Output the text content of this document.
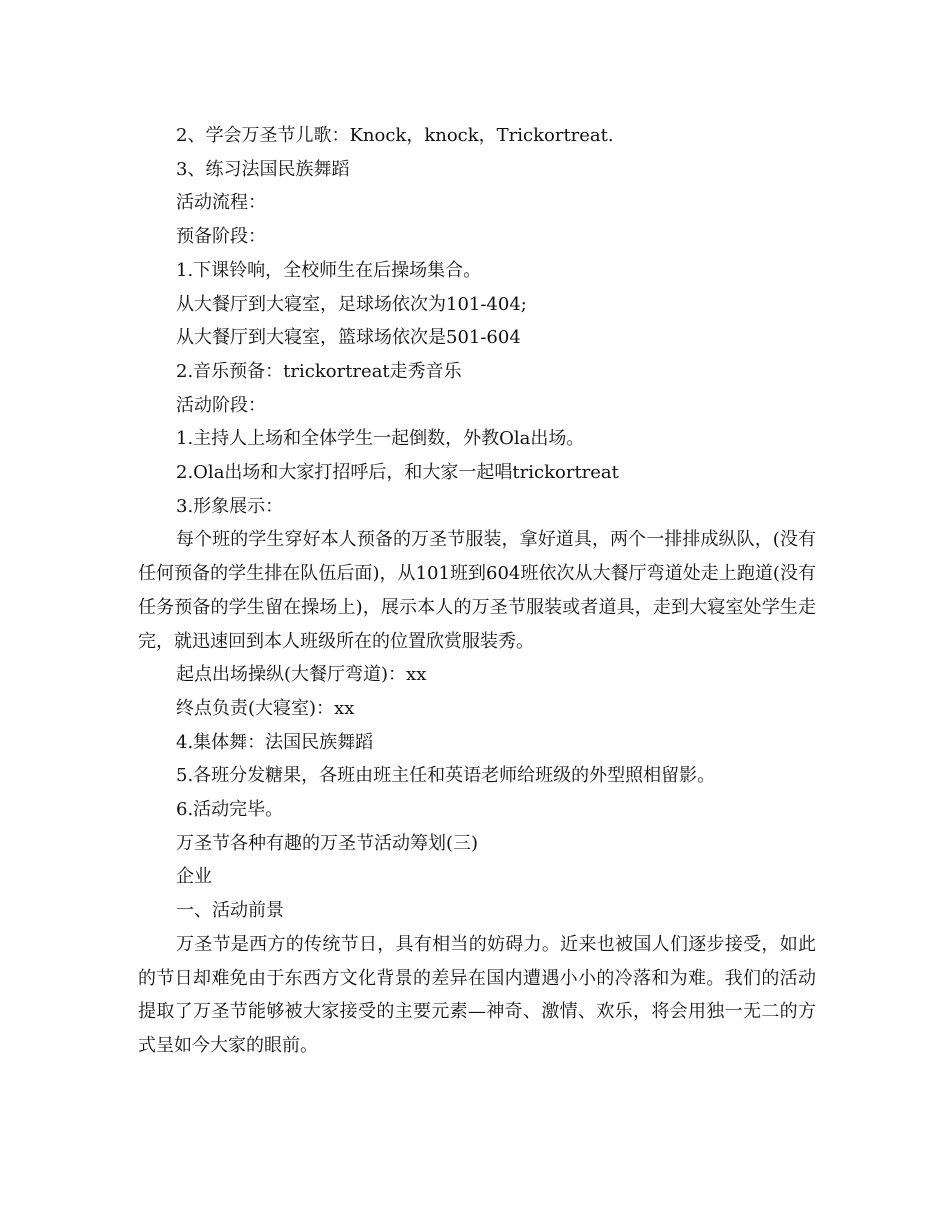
2、学会万圣节儿歌：Knock，knock，Trickortreat.

3、练习法国民族舞蹈

活动流程：

预备阶段：

1.下课铃响，全校师生在后操场集合。

从大餐厅到大寝室，足球场依次为101-404;

从大餐厅到大寝室，篮球场依次是501-604

2.音乐预备：trickortreat走秀音乐

活动阶段：

1.主持人上场和全体学生一起倒数，外教Ola出场。

2.Ola出场和大家打招呼后，和大家一起唱trickortreat

3.形象展示：

每个班的学生穿好本人预备的万圣节服装，拿好道具，两个一排排成纵队，(没有任何预备的学生排在队伍后面)，从101班到604班依次从大餐厅弯道处走上跑道(没有任务预备的学生留在操场上)，展示本人的万圣节服装或者道具，走到大寝室处学生走完，就迅速回到本人班级所在的位置欣赏服装秀。

起点出场操纵(大餐厅弯道)：xx

终点负责(大寝室)：xx

4.集体舞：法国民族舞蹈

5.各班分发糖果，各班由班主任和英语老师给班级的外型照相留影。

6.活动完毕。

万圣节各种有趣的万圣节活动筹划(三)

企业

一、活动前景

万圣节是西方的传统节日，具有相当的妨碍力。近来也被国人们逐步接受，如此的节日却难免由于东西方文化背景的差异在国内遭遇小小的冷落和为难。我们的活动提取了万圣节能够被大家接受的主要元素—神奇、激情、欢乐，将会用独一无二的方式呈如今大家的眼前。
